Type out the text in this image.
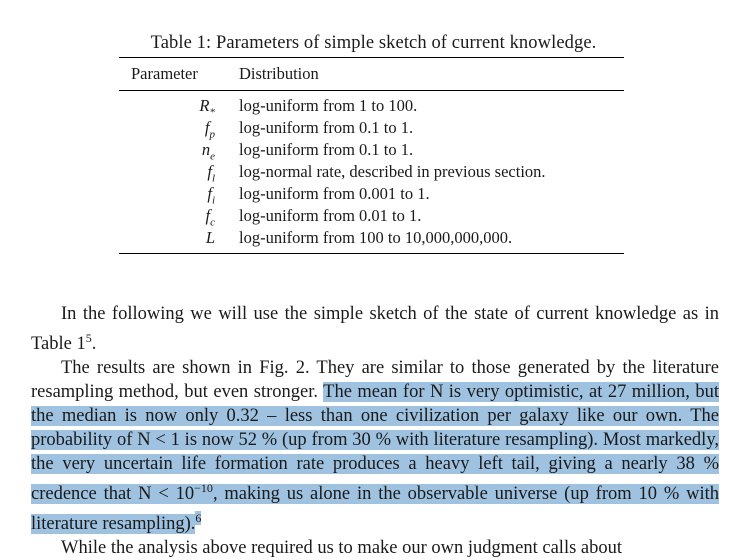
Table 1: Parameters of simple sketch of current knowledge.
Parameter Distribution
$R_*$ log-uniform from 1 to 100.
$f_p$ log-uniform from 0.1 to 1.
$n_e$ log-uniform from 0.1 to 1.
$f_l$ log-normal rate, described in previous section.
$f_i$ log-uniform from 0.001 to 1.
$f_c$ log-uniform from 0.01 to 1.
L log-uniform from 100 to 10,000,000,000.

In the following we will use the simple sketch of the state of current knowledge as in Table $1^5$.

The results are shown in Fig. 2. They are similar to those generated by the literature resampling method, but even stronger. The mean for N is very optimistic, at 27 million, but the median is now only 0.32 – less than one civilization per galaxy like our own. The probability of N < 1 is now 52 % (up from 30 % with literature resampling). Most markedly, the very uncertain life formation rate produces a heavy left tail, giving a nearly 38 % credence that $N < 10^{-10}$, making us alone in the observable universe (up from 10 % with literature resampling).$^6$

While the analysis above required us to make our own judgment calls about
